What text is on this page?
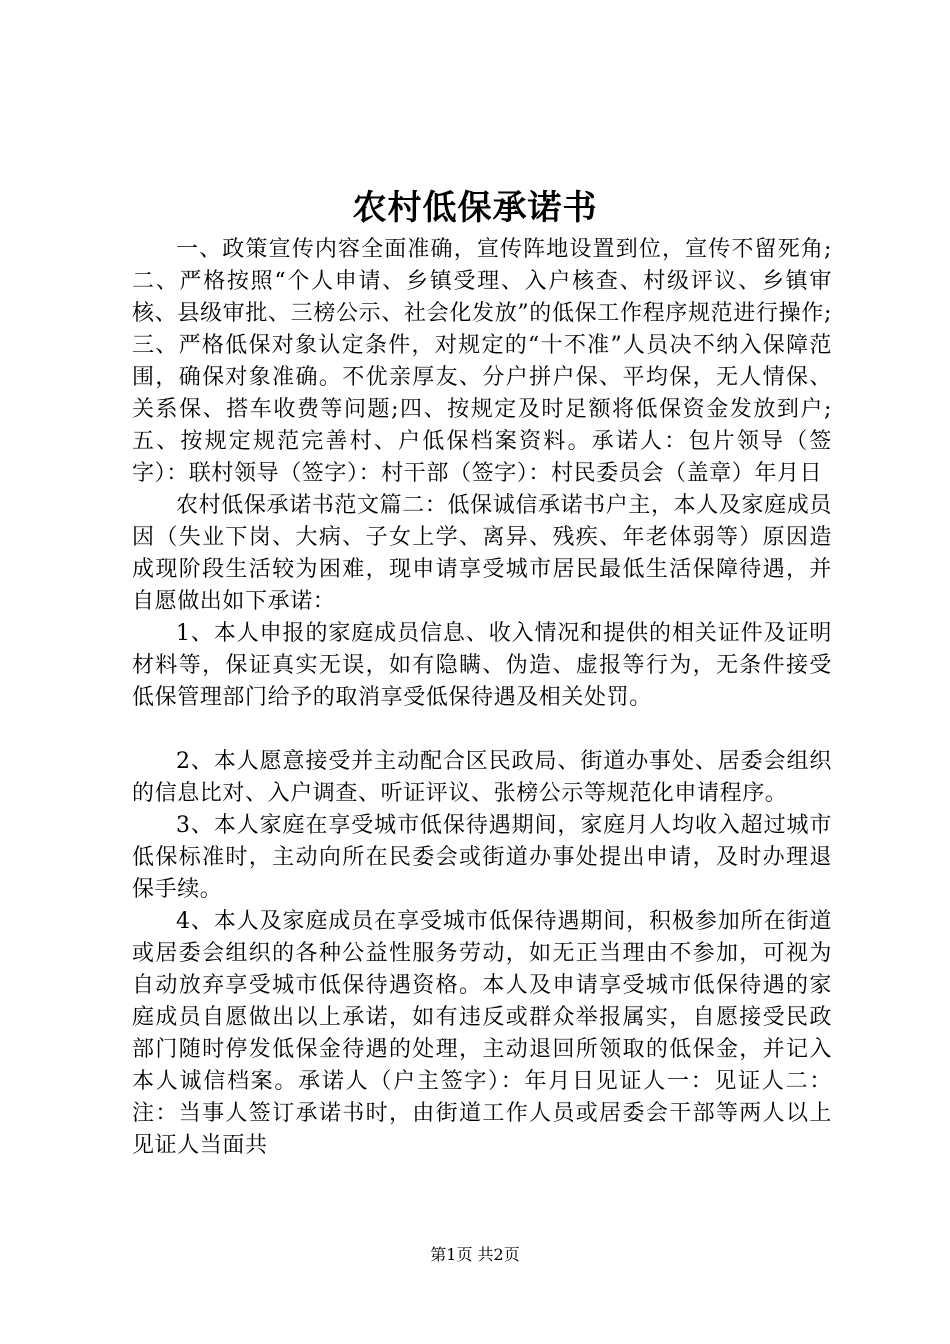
农村低保承诺书

一、政策宣传内容全面准确，宣传阵地设置到位，宣传不留死角;二、严格按照“个人申请、乡镇受理、入户核查、村级评议、乡镇审核、县级审批、三榜公示、社会化发放”的低保工作程序规范进行操作;三、严格低保对象认定条件，对规定的“十不准”人员决不纳入保障范围，确保对象准确。不优亲厚友、分户拼户保、平均保，无人情保、关系保、搭车收费等问题;四、按规定及时足额将低保资金发放到户;五、按规定规范完善村、户低保档案资料。承诺人：包片领导（签字）：联村领导（签字）：村干部（签字）：村民委员会（盖章）年月日

农村低保承诺书范文篇二：低保诚信承诺书户主，本人及家庭成员因（失业下岗、大病、子女上学、离异、残疾、年老体弱等）原因造成现阶段生活较为困难，现申请享受城市居民最低生活保障待遇，并自愿做出如下承诺：

1、本人申报的家庭成员信息、收入情况和提供的相关证件及证明材料等，保证真实无误，如有隐瞒、伪造、虚报等行为，无条件接受低保管理部门给予的取消享受低保待遇及相关处罚。

2、本人愿意接受并主动配合区民政局、街道办事处、居委会组织的信息比对、入户调查、听证评议、张榜公示等规范化申请程序。

3、本人家庭在享受城市低保待遇期间，家庭月人均收入超过城市低保标准时，主动向所在民委会或街道办事处提出申请，及时办理退保手续。

4、本人及家庭成员在享受城市低保待遇期间，积极参加所在街道或居委会组织的各种公益性服务劳动，如无正当理由不参加，可视为自动放弃享受城市低保待遇资格。本人及申请享受城市低保待遇的家庭成员自愿做出以上承诺，如有违反或群众举报属实，自愿接受民政部门随时停发低保金待遇的处理，主动退回所领取的低保金，并记入本人诚信档案。承诺人（户主签字）：年月日见证人一：见证人二：注：当事人签订承诺书时，由街道工作人员或居委会干部等两人以上见证人当面共

第1页 共2页
